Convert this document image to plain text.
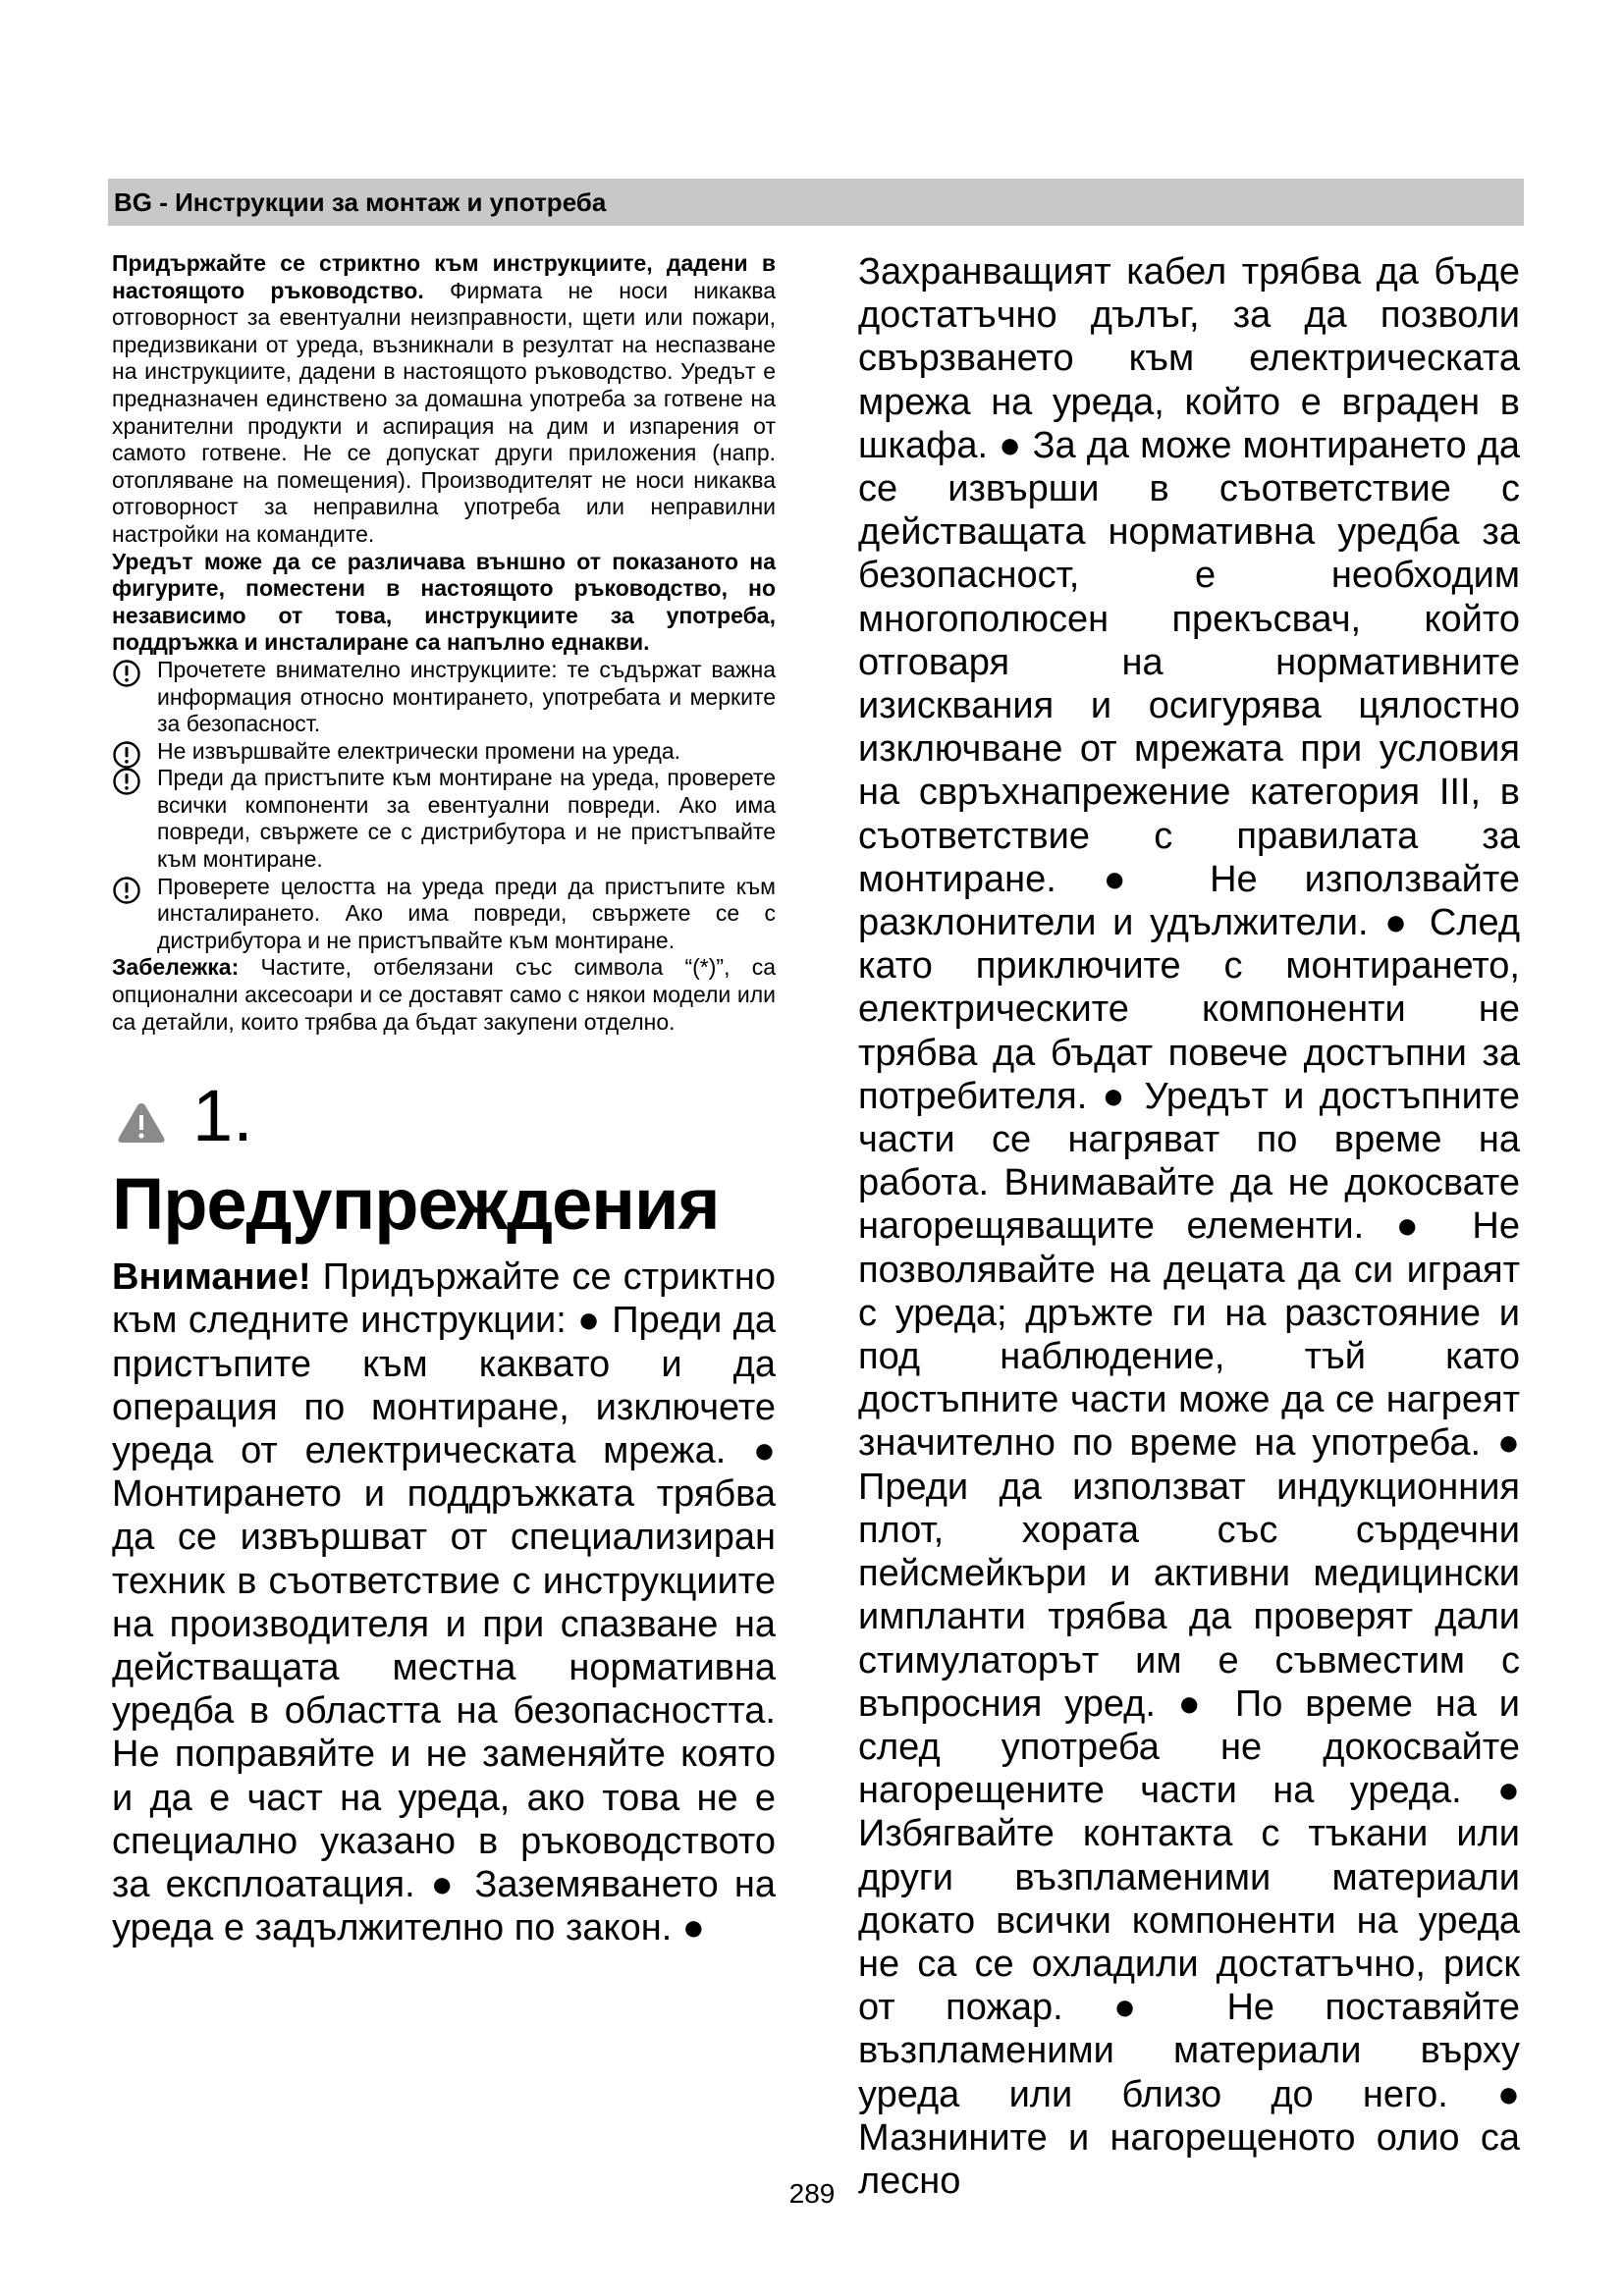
BG - Инструкции за монтаж и употреба

Придържайте се стриктно към инструкциите, дадени в настоящото ръководство. Фирмата не носи никаква отговорност за евентуални неизправности, щети или пожари, предизвикани от уреда, възникнали в резултат на неспазване на инструкциите, дадени в настоящото ръководство. Уредът е предназначен единствено за домашна употреба за готвене на хранителни продукти и аспирация на дим и изпарения от самото готвене. Не се допускат други приложения (напр. отопляване на помещения). Производителят не носи никаква отговорност за неправилна употреба или неправилни настройки на командите.

Уредът може да се различава външно от показаното на фигурите, поместени в настоящото ръководство, но независимо от това, инструкциите за употреба, поддръжка и инсталиране са напълно еднакви.

Прочетете внимателно инструкциите: те съдържат важна информация относно монтирането, употребата и мерките за безопасност.

Не извършвайте електрически промени на уреда.

Преди да пристъпите към монтиране на уреда, проверете всички компоненти за евентуални повреди. Ако има повреди, свържете се с дистрибутора и не пристъпвайте към монтиране.

Проверете целостта на уреда преди да пристъпите към инсталирането. Ако има повреди, свържете се с дистрибутора и не пристъпвайте към монтиране.

Забележка: Частите, отбелязани със символа “(*)”, са опционални аксесоари и се доставят само с някои модели или са детайли, които трябва да бъдат закупени отделно.

1.
Предупреждения

Внимание! Придържайте се стриктно към следните инструкции: ● Преди да пристъпите към каквато и да операция по монтиране, изключете уреда от електрическата мрежа. ● Монтирането и поддръжката трябва да се извършват от специализиран техник в съответствие с инструкциите на производителя и при спазване на действащата местна нормативна уредба в областта на безопасността. Не поправяйте и не заменяйте която и да е част на уреда, ако това не е специално указано в ръководството за експлоатация. ● Заземяването на уреда е задължително по закон. ●

Захранващият кабел трябва да бъде достатъчно дълъг, за да позволи свързването към електрическата мрежа на уреда, който е вграден в шкафа. ● За да може монтирането да се извърши в съответствие с действащата нормативна уредба за безопасност, е необходим многополюсен прекъсвач, който отговаря на нормативните изисквания и осигурява цялостно изключване от мрежата при условия на свръхнапрежение категория III, в съответствие с правилата за монтиране. ● Не използвайте разклонители и удължители. ● След като приключите с монтирането, електрическите компоненти не трябва да бъдат повече достъпни за потребителя. ● Уредът и достъпните части се нагряват по време на работа. Внимавайте да не докосвате нагорещяващите елементи. ● Не позволявайте на децата да си играят с уреда; дръжте ги на разстояние и под наблюдение, тъй като достъпните части може да се нагреят значително по време на употреба. ● Преди да използват индукционния плот, хората със сърдечни пейсмейкъри и активни медицински импланти трябва да проверят дали стимулаторът им е съвместим с въпросния уред. ● По време на и след употреба не докосвайте нагорещените части на уреда. ● Избягвайте контакта с тъкани или други възпламеними материали докато всички компоненти на уреда не са се охладили достатъчно, риск от пожар. ● Не поставяйте възпламеними материали върху уреда или близо до него. ● Мазнините и нагорещеното олио са лесно

289
